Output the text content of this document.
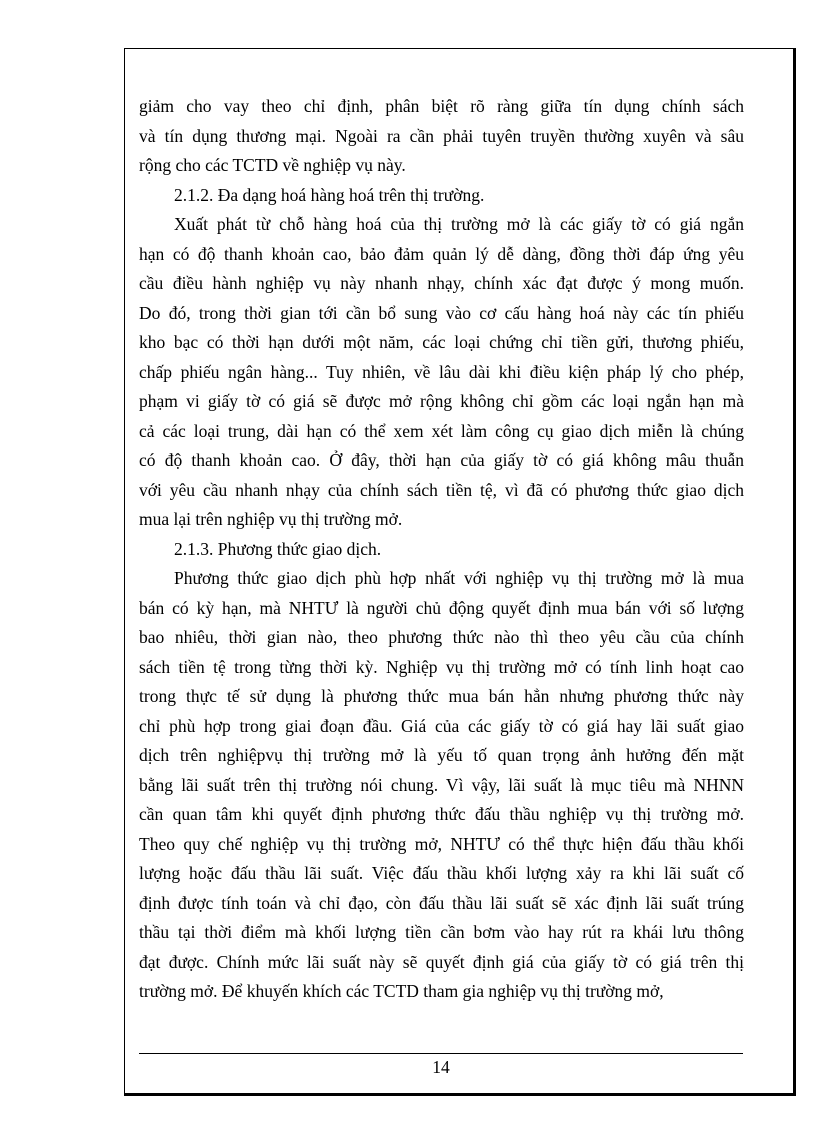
giảm cho vay theo chỉ định, phân biệt rõ ràng giữa tín dụng chính sách
và tín dụng thương mại. Ngoài ra cần phải tuyên truyền thường xuyên và sâu
rộng cho các TCTD về nghiệp vụ này.
2.1.2. Đa dạng hoá hàng hoá trên thị trường.
Xuất phát từ chỗ hàng hoá của thị trường mở là các giấy tờ có giá ngắn
hạn có độ thanh khoản cao, bảo đảm quản lý dễ dàng, đồng thời đáp ứng yêu
cầu điều hành nghiệp vụ này nhanh nhạy, chính xác đạt được ý mong muốn.
Do đó, trong thời gian tới cần bổ sung vào cơ cấu hàng hoá này các tín phiếu
kho bạc có thời hạn dưới một năm, các loại chứng chỉ tiền gửi, thương phiếu,
chấp phiếu ngân hàng... Tuy nhiên, về lâu dài khi điều kiện pháp lý cho phép,
phạm vi giấy tờ có giá sẽ được mở rộng không chỉ gồm các loại ngắn hạn mà
cả các loại trung, dài hạn có thể xem xét làm công cụ giao dịch miễn là chúng
có độ thanh khoản cao. Ở đây, thời hạn của giấy tờ có giá không mâu thuẫn
với yêu cầu nhanh nhạy của chính sách tiền tệ, vì đã có phương thức giao dịch
mua lại trên nghiệp vụ thị trường mở.
2.1.3. Phương thức giao dịch.
Phương thức giao dịch phù hợp nhất với nghiệp vụ thị trường mở là mua
bán có kỳ hạn, mà NHTƯ là người chủ động quyết định mua bán với số lượng
bao nhiêu, thời gian nào, theo phương thức nào thì theo yêu cầu của chính
sách tiền tệ trong từng thời kỳ. Nghiệp vụ thị trường mở có tính linh hoạt cao
trong thực tế sử dụng là phương thức mua bán hẳn nhưng phương thức này
chỉ phù hợp trong giai đoạn đầu. Giá của các giấy tờ có giá hay lãi suất giao
dịch trên nghiệpvụ thị trường mở là yếu tố quan trọng ảnh hưởng đến mặt
bằng lãi suất trên thị trường nói chung. Vì vậy, lãi suất là mục tiêu mà NHNN
cần quan tâm khi quyết định phương thức đấu thầu nghiệp vụ thị trường mở.
Theo quy chế nghiệp vụ thị trường mở, NHTƯ có thể thực hiện đấu thầu khối
lượng hoặc đấu thầu lãi suất. Việc đấu thầu khối lượng xảy ra khi lãi suất cố
định được tính toán và chỉ đạo, còn đấu thầu lãi suất sẽ xác định lãi suất trúng
thầu tại thời điểm mà khối lượng tiền cần bơm vào hay rút ra khái lưu thông
đạt được. Chính mức lãi suất này sẽ quyết định giá của giấy tờ có giá trên thị
trường mở. Để khuyến khích các TCTD tham gia nghiệp vụ thị trường mở,
14
